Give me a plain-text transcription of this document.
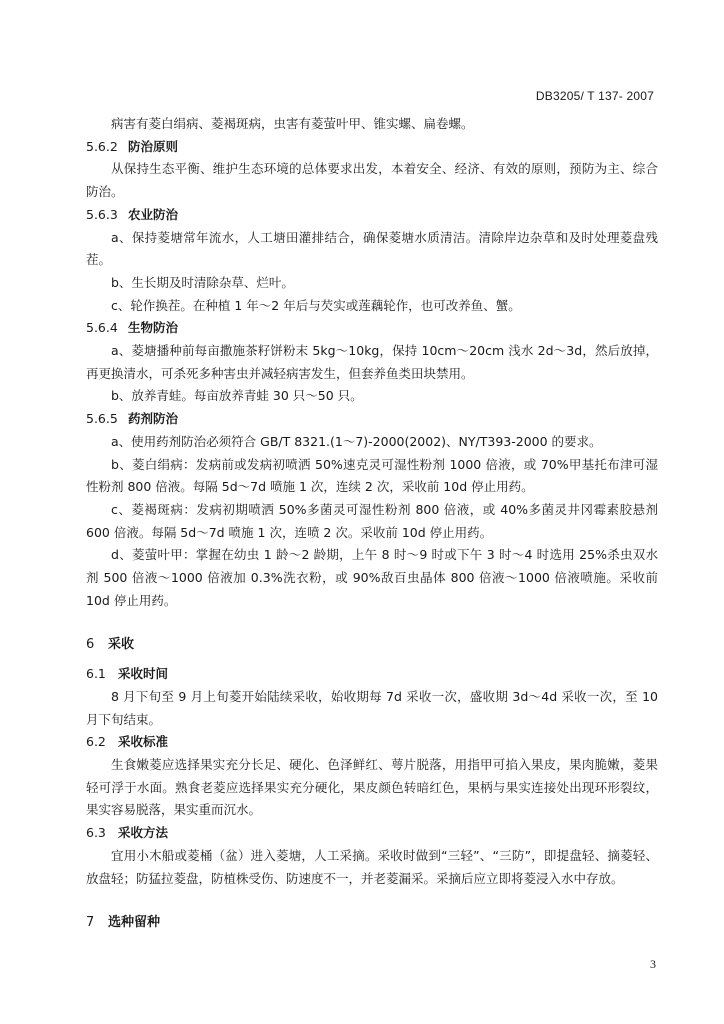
DB3205/ T 137- 2007

病害有菱白绢病、菱褐斑病，虫害有菱萤叶甲、锥实螺、扁卷螺。

5.6.2 防治原则

从保持生态平衡、维护生态环境的总体要求出发，本着安全、经济、有效的原则，预防为主、综合防治。

5.6.3 农业防治

a、保持菱塘常年流水，人工塘田灌排结合，确保菱塘水质清洁。清除岸边杂草和及时处理菱盘残茬。

b、生长期及时清除杂草、烂叶。

c、轮作换茬。在种植 1 年～2 年后与芡实或莲藕轮作，也可改养鱼、蟹。

5.6.4 生物防治

a、菱塘播种前每亩撒施茶籽饼粉末 5kg～10kg，保持 10cm～20cm 浅水 2d～3d，然后放掉，再更换清水，可杀死多种害虫并减轻病害发生，但套养鱼类田块禁用。

b、放养青蛙。每亩放养青蛙 30 只～50 只。

5.6.5 药剂防治

a、使用药剂防治必须符合 GB/T 8321.(1～7)-2000(2002)、NY/T393-2000 的要求。

b、菱白绢病：发病前或发病初喷洒 50%速克灵可湿性粉剂 1000 倍液，或 70%甲基托布津可湿性粉剂 800 倍液。每隔 5d～7d 喷施 1 次，连续 2 次，采收前 10d 停止用药。

c、菱褐斑病：发病初期喷洒 50%多菌灵可湿性粉剂 800 倍液，或 40%多菌灵井冈霉素胶悬剂 600 倍液。每隔 5d～7d 喷施 1 次，连喷 2 次。采收前 10d 停止用药。

d、菱萤叶甲：掌握在幼虫 1 龄～2 龄期，上午 8 时～9 时或下午 3 时～4 时选用 25%杀虫双水剂 500 倍液～1000 倍液加 0.3%洗衣粉，或 90%敌百虫晶体 800 倍液～1000 倍液喷施。采收前 10d 停止用药。

6 采收
6.1 采收时间

8 月下旬至 9 月上旬菱开始陆续采收，始收期每 7d 采收一次，盛收期 3d～4d 采收一次，至 10 月下旬结束。

6.2 采收标准

生食嫩菱应选择果实充分长足、硬化、色泽鲜红、萼片脱落，用指甲可掐入果皮，果肉脆嫩，菱果轻可浮于水面。熟食老菱应选择果实充分硬化，果皮颜色转暗红色，果柄与果实连接处出现环形裂纹，果实容易脱落，果实重而沉水。

6.3 采收方法

宜用小木船或菱桶（盆）进入菱塘，人工采摘。采收时做到“三轻”、“三防”，即提盘轻、摘菱轻、放盘轻；防猛拉菱盘，防植株受伤、防速度不一，并老菱漏采。采摘后应立即将菱浸入水中存放。

7 选种留种
3
